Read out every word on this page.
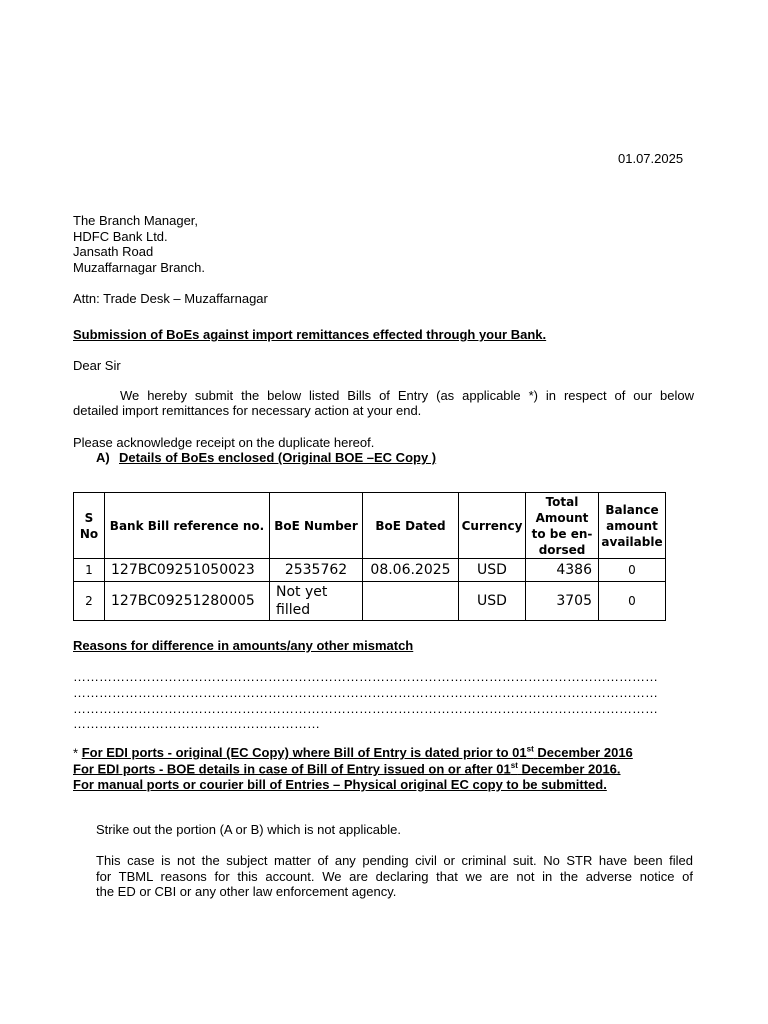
01.07.2025
The Branch Manager,
HDFC Bank Ltd.
Jansath Road
Muzaffarnagar Branch.
Attn: Trade Desk – Muzaffarnagar
Submission of BoEs against import remittances effected through your Bank.
Dear Sir
We hereby submit the below listed Bills of Entry (as applicable *) in respect of our below
detailed import remittances for necessary action at your end.
Please acknowledge receipt on the duplicate hereof.
A) Details of BoEs enclosed (Original BOE –EC Copy )
S No	Bank Bill reference no.	BoE Number	BoE Dated	Currency	Total Amount to be en- dorsed	Balance amount available
1	127BC09251050023	2535762	08.06.2025	USD	4386	0
2	127BC09251280005	Not yet filled		USD	3705	0
Reasons for difference in amounts/any other mismatch
………………………………………………………………………………………………………………………
………………………………………………………………………………………………………………………
………………………………………………………………………………………………………………………
…………………………………………………
* For EDI ports - original (EC Copy) where Bill of Entry is dated prior to 01st December 2016
For EDI ports - BOE details in case of Bill of Entry issued on or after 01st December 2016.
For manual ports or courier bill of Entries – Physical original EC copy to be submitted.
Strike out the portion (A or B) which is not applicable.
This case is not the subject matter of any pending civil or criminal suit. No STR have been filed
for TBML reasons for this account. We are declaring that we are not in the adverse notice of
the ED or CBI or any other law enforcement agency.
